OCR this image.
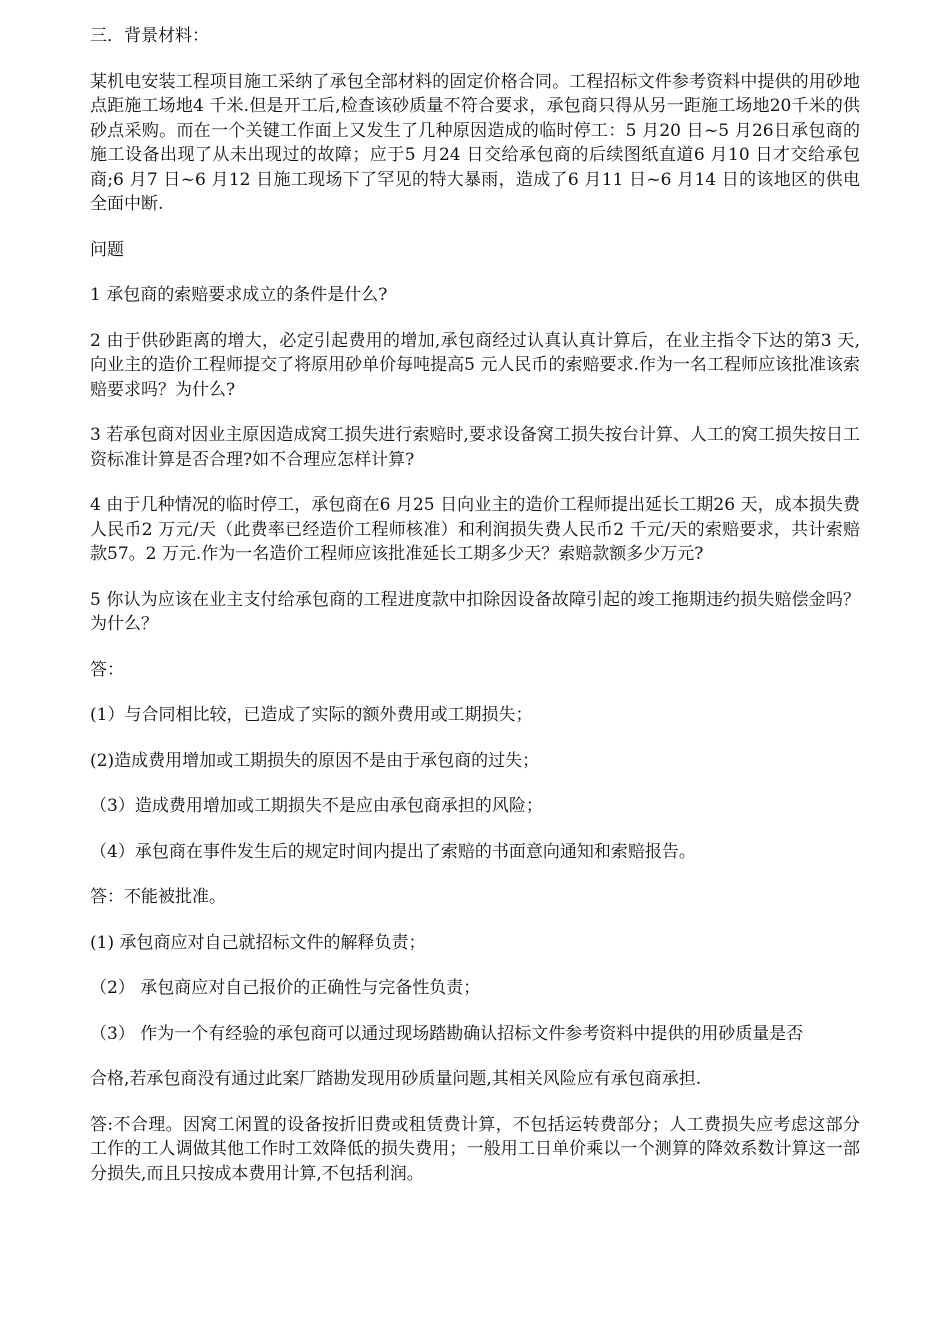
三．背景材料：

某机电安装工程项目施工采纳了承包全部材料的固定价格合同。工程招标文件参考资料中提供的用砂地点距施工场地4 千米.但是开工后,检查该砂质量不符合要求，承包商只得从另一距施工场地20千米的供砂点采购。而在一个关键工作面上又发生了几种原因造成的临时停工：5 月20 日~5 月26日承包商的施工设备出现了从未出现过的故障；应于5 月24 日交给承包商的后续图纸直道6 月10 日才交给承包商;6 月7 日~6 月12 日施工现场下了罕见的特大暴雨，造成了6 月11 日~6 月14 日的该地区的供电全面中断.

问题

1 承包商的索赔要求成立的条件是什么?

2 由于供砂距离的增大，必定引起费用的增加,承包商经过认真认真计算后，在业主指令下达的第3 天,向业主的造价工程师提交了将原用砂单价每吨提高5 元人民币的索赔要求.作为一名工程师应该批准该索赔要求吗？为什么?

3 若承包商对因业主原因造成窝工损失进行索赔时,要求设备窝工损失按台计算、人工的窝工损失按日工资标准计算是否合理?如不合理应怎样计算?

4 由于几种情况的临时停工，承包商在6 月25 日向业主的造价工程师提出延长工期26 天，成本损失费人民币2 万元/天（此费率已经造价工程师核准）和利润损失费人民币2 千元/天的索赔要求，共计索赔款57。2 万元.作为一名造价工程师应该批准延长工期多少天？索赔款额多少万元?

5 你认为应该在业主支付给承包商的工程进度款中扣除因设备故障引起的竣工拖期违约损失赔偿金吗？为什么？

答：

(1）与合同相比较，已造成了实际的额外费用或工期损失；

(2)造成费用增加或工期损失的原因不是由于承包商的过失；

（3）造成费用增加或工期损失不是应由承包商承担的风险；

（4）承包商在事件发生后的规定时间内提出了索赔的书面意向通知和索赔报告。

答：不能被批准。

(1) 承包商应对自己就招标文件的解释负责；

（2） 承包商应对自己报价的正确性与完备性负责；

（3） 作为一个有经验的承包商可以通过现场踏勘确认招标文件参考资料中提供的用砂质量是否

合格,若承包商没有通过此案厂踏勘发现用砂质量问题,其相关风险应有承包商承担.

答:不合理。因窝工闲置的设备按折旧费或租赁费计算，不包括运转费部分；人工费损失应考虑这部分工作的工人调做其他工作时工效降低的损失费用；一般用工日单价乘以一个测算的降效系数计算这一部分损失,而且只按成本费用计算,不包括利润。
